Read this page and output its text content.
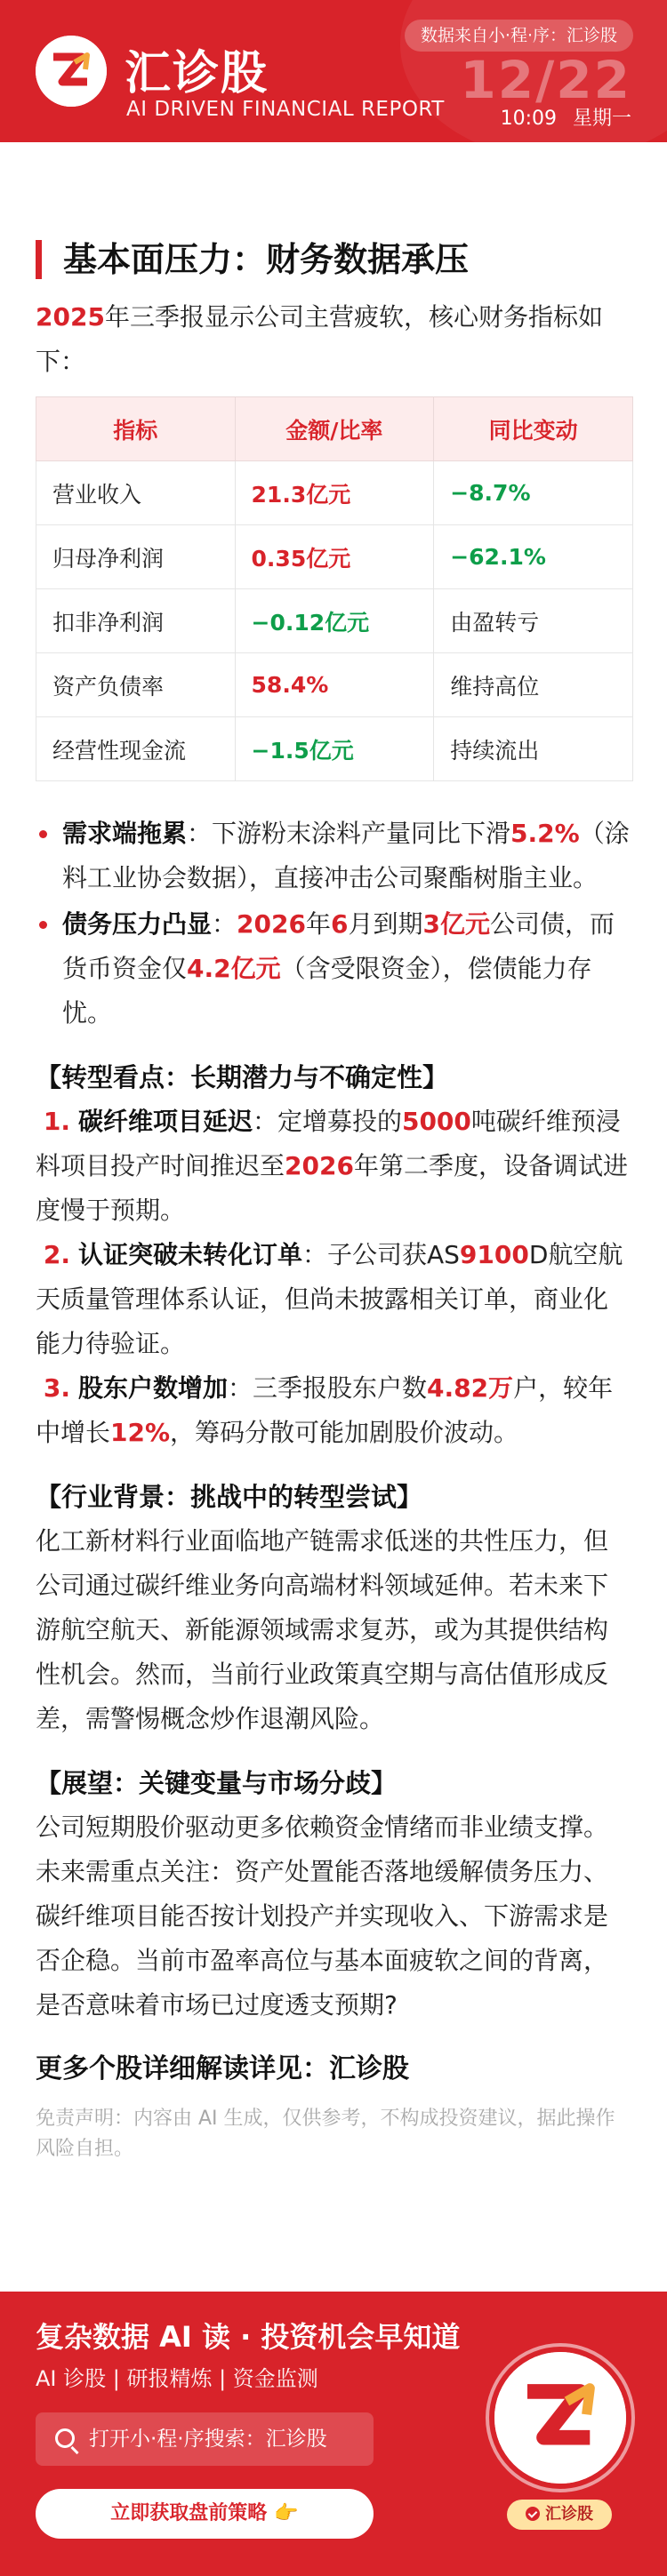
汇诊股
AI DRIVEN FINANCIAL REPORT
数据来自小·程·序：汇诊股
12/22
10:09 星期一
基本面压力：财务数据承压

2025年三季报显示公司主营疲软，核心财务指标如下：

指标	金额/比率	同比变动
营业收入	21.3亿元	−8.7%
归母净利润	0.35亿元	−62.1%
扣非净利润	−0.12亿元	由盈转亏
资产负债率	58.4%	维持高位
经营性现金流	−1.5亿元	持续流出
需求端拖累：下游粉末涂料产量同比下滑5.2%（涂料工业协会数据），直接冲击公司聚酯树脂主业。
债务压力凸显：2026年6月到期3亿元公司债，而货币资金仅4.2亿元（含受限资金），偿债能力存忧。
【转型看点：长期潜力与不确定性】

1. 碳纤维项目延迟：定增募投的5000吨碳纤维预浸料项目投产时间推迟至2026年第二季度，设备调试进度慢于预期。

2. 认证突破未转化订单：子公司获AS9100D航空航天质量管理体系认证，但尚未披露相关订单，商业化能力待验证。

3. 股东户数增加：三季报股东户数4.82万户，较年中增长12%，筹码分散可能加剧股价波动。

【行业背景：挑战中的转型尝试】

化工新材料行业面临地产链需求低迷的共性压力，但公司通过碳纤维业务向高端材料领域延伸。若未来下游航空航天、新能源领域需求复苏，或为其提供结构性机会。然而，当前行业政策真空期与高估值形成反差，需警惕概念炒作退潮风险。

【展望：关键变量与市场分歧】

公司短期股价驱动更多依赖资金情绪而非业绩支撑。未来需重点关注：资产处置能否落地缓解债务压力、碳纤维项目能否按计划投产并实现收入、下游需求是否企稳。当前市盈率高位与基本面疲软之间的背离，是否意味着市场已过度透支预期?

更多个股详细解读详见：汇诊股
免责声明：内容由 AI 生成，仅供参考，不构成投资建议，据此操作风险自担。
复杂数据 AI 读 · 投资机会早知道
AI 诊股 | 研报精炼 | 资金监测
打开小·程·序搜索：汇诊股
立即获取盘前策略 👉	汇诊股
